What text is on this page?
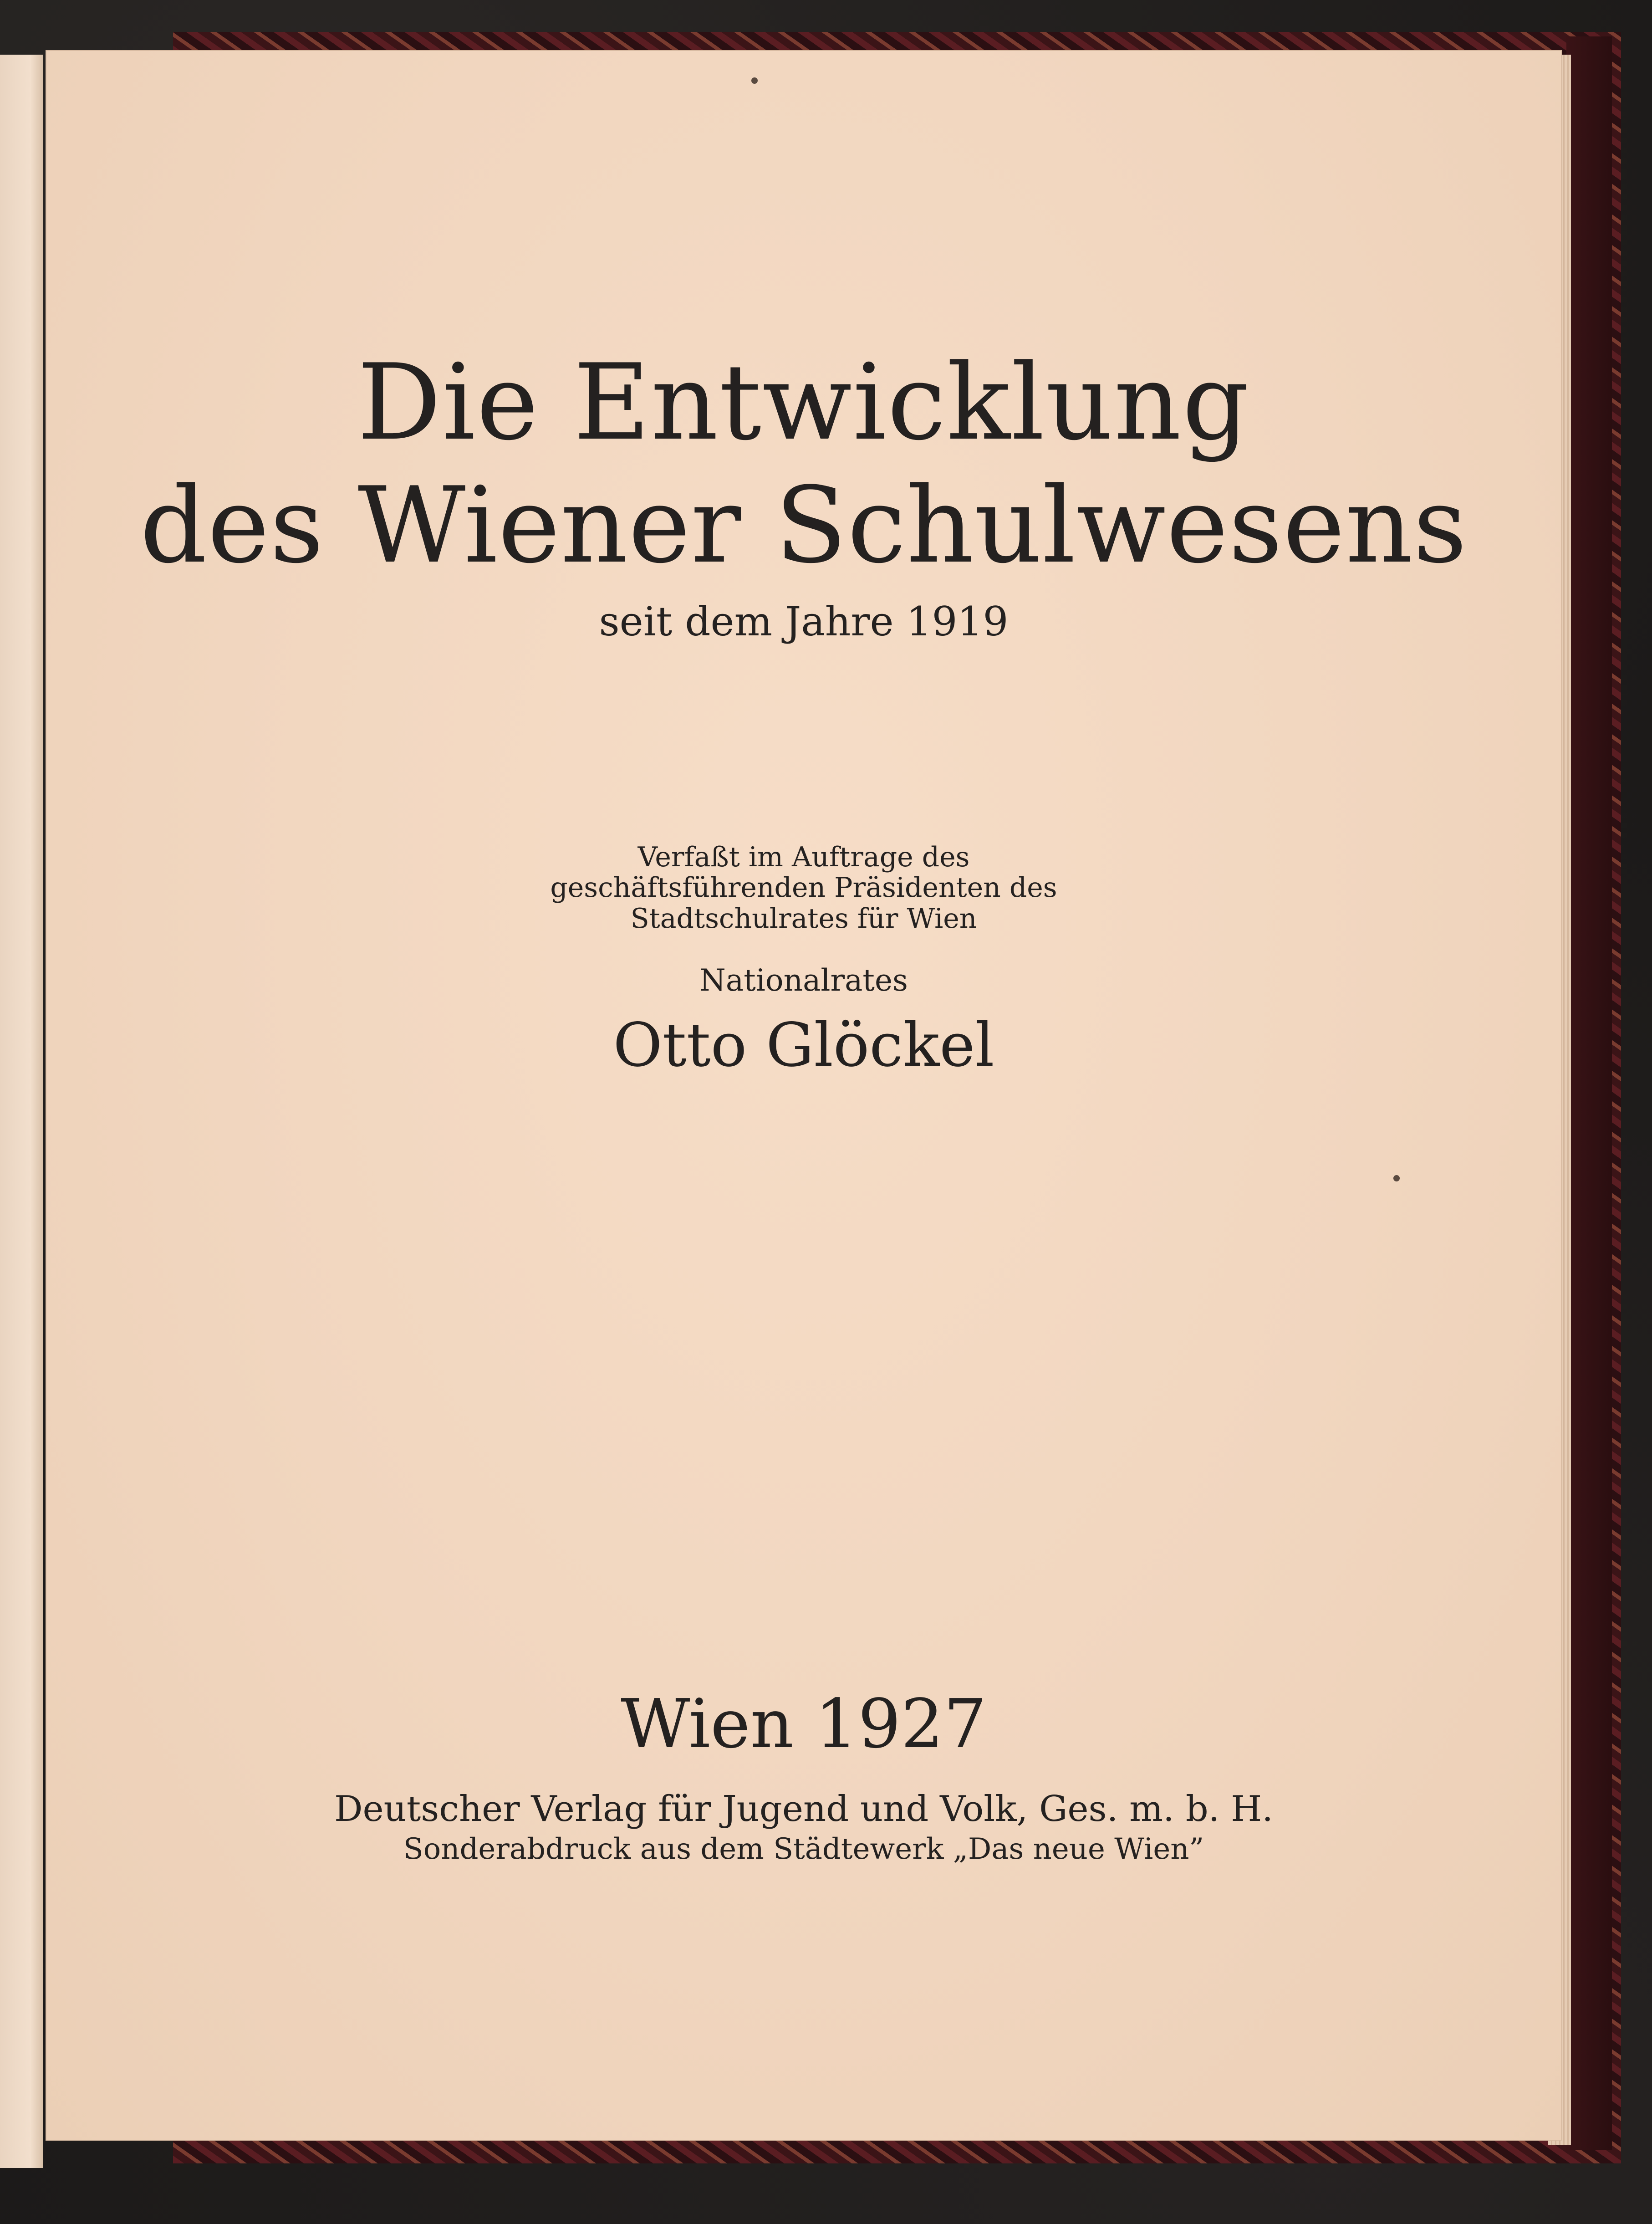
Die Entwicklung
des Wiener Schulwesens
seit dem Jahre 1919
Verfaßt im Auftrage des
geschäftsführenden Präsidenten des
Stadtschulrates für Wien
Nationalrates
Otto Glöckel
Wien 1927
Deutscher Verlag für Jugend und Volk, Ges. m. b. H.
Sonderabdruck aus dem Städtewerk „Das neue Wien”
